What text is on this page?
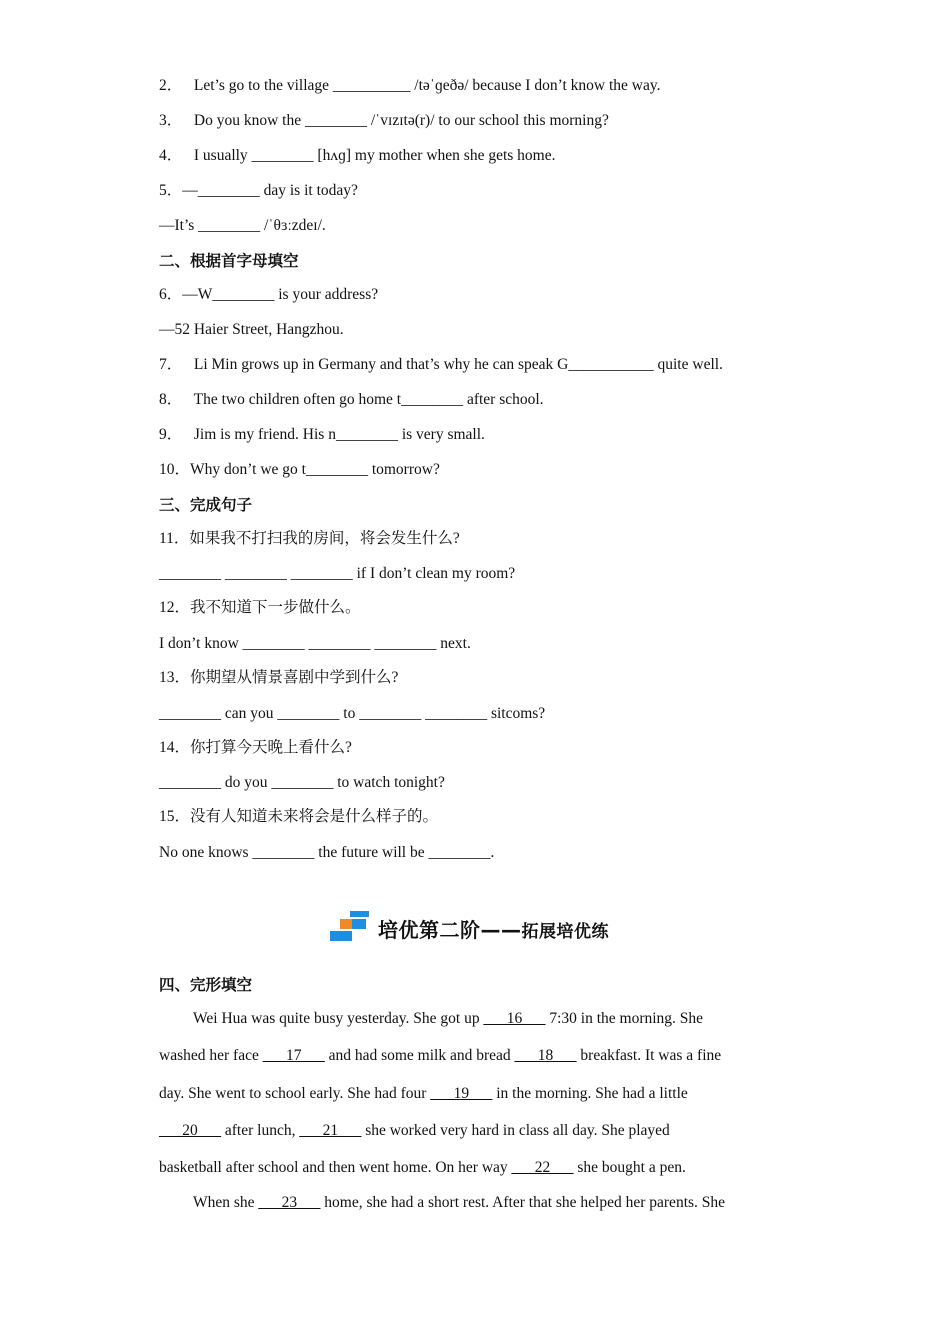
2．   Let’s go to the village __________ /təˈɡeðə/ because I don’t know the way.
3．   Do you know the ________ /ˈvɪzɪtə(r)/ to our school this morning?
4．   I usually ________ [hʌɡ] my mother when she gets home.
5．—________ day is it today?
—It’s ________ /ˈθɜːzdeɪ/.
二、根据首字母填空
6．—W________ is your address?
—52 Haier Street, Hangzhou.
7．   Li Min grows up in Germany and that’s why he can speak G___________ quite well.
8．   The two children often go home t________ after school.
9．   Jim is my friend. His n________ is very small.
10．Why don’t we go t________ tomorrow?
三、完成句子
11．如果我不打扫我的房间，将会发生什么?
________ ________ ________ if I don’t clean my room?
12．我不知道下一步做什么。
I don’t know ________ ________ ________ next.
13．你期望从情景喜剧中学到什么?
________ can you ________ to ________ ________ sitcoms?
14．你打算今天晚上看什么?
________ do you ________ to watch tonight?
15．没有人知道未来将会是什么样子的。
No one knows ________ the future will be ________.
培优第二阶——拓展培优练
四、完形填空
Wei Hua was quite busy yesterday. She got up ___16___ 7:30 in the morning. She
washed her face ___17___ and had some milk and bread ___18___ breakfast. It was a fine
day. She went to school early. She had four ___19___ in the morning. She had a little
___20___ after lunch, ___21___ she worked very hard in class all day. She played
basketball after school and then went home. On her way ___22___ she bought a pen.
When she ___23___ home, she had a short rest. After that she helped her parents. She
